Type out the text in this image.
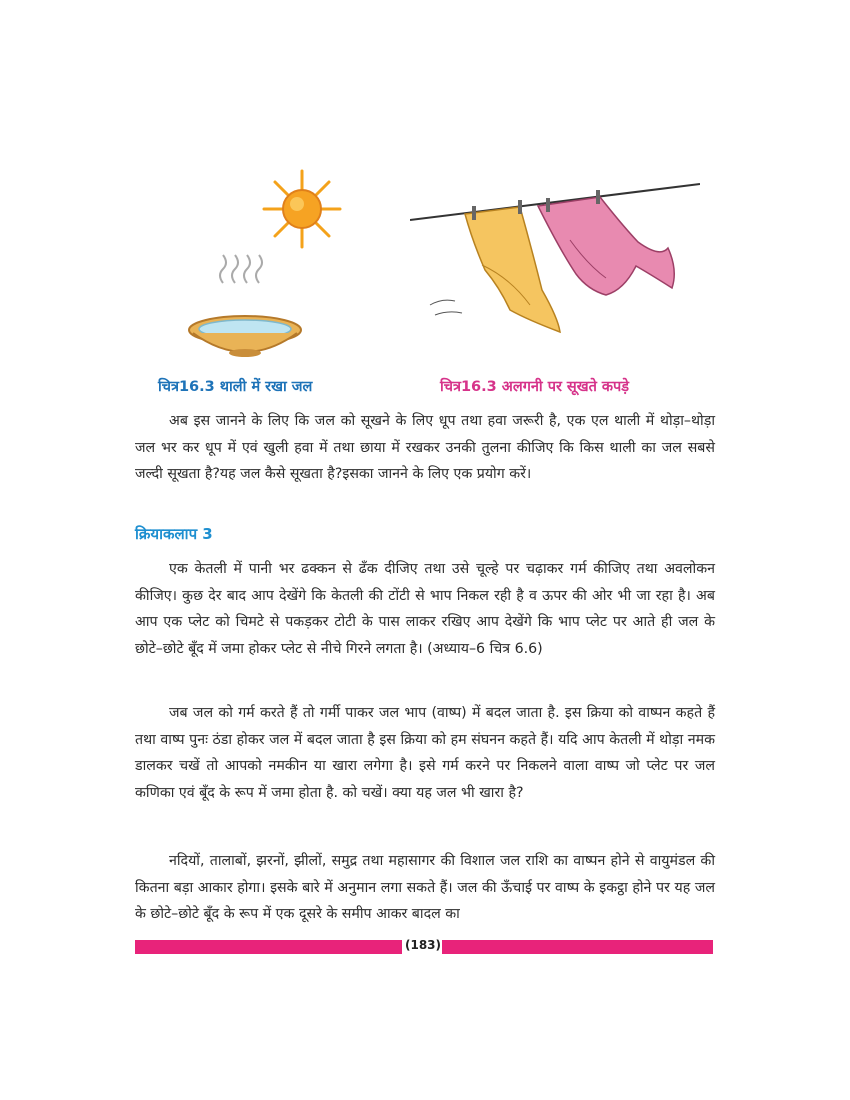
चित्र16.3 थाली में रखा जल	चित्र16.3 अलगनी पर सूखते कपड़े

अब इस जानने के लिए कि जल को सूखने के लिए धूप तथा हवा जरूरी है, एक एल थाली में थोड़ा–थोड़ा जल भर कर धूप में एवं खुली हवा में तथा छाया में रखकर उनकी तुलना कीजिए कि किस थाली का जल सबसे जल्दी सूखता है?यह जल कैसे सूखता है?इसका जानने के लिए एक प्रयोग करें।

क्रियाकलाप 3

एक केतली में पानी भर ढक्कन से ढँक दीजिए तथा उसे चूल्हे पर चढ़ाकर गर्म कीजिए तथा अवलोकन कीजिए। कुछ देर बाद आप देखेंगे कि केतली की टोंटी से भाप निकल रही है व ऊपर की ओर भी जा रहा है। अब आप एक प्लेट को चिमटे से पकड़कर टोटी के पास लाकर रखिए आप देखेंगे कि भाप प्लेट पर आते ही जल के छोटे–छोटे बूँद में जमा होकर प्लेट से नीचे गिरने लगता है। (अध्याय–6 चित्र 6.6)

जब जल को गर्म करते हैं तो गर्मी पाकर जल भाप (वाष्प) में बदल जाता है. इस क्रिया को वाष्पन कहते हैं तथा वाष्प पुनः ठंडा होकर जल में बदल जाता है इस क्रिया को हम संघनन कहते हैं। यदि आप केतली में थोड़ा नमक डालकर चखें तो आपको नमकीन या खारा लगेगा है। इसे गर्म करने पर निकलने वाला वाष्प जो प्लेट पर जल कणिका एवं बूँद के रूप में जमा होता है. को चखें। क्या यह जल भी खारा है?

नदियों, तालाबों, झरनों, झीलों, समुद्र तथा महासागर की विशाल जल राशि का वाष्पन होने से वायुमंडल की कितना बड़ा आकार होगा। इसके बारे में अनुमान लगा सकते हैं। जल की ऊँचाई पर वाष्प के इकट्ठा होने पर यह जल के छोटे–छोटे बूँद के रूप में एक दूसरे के समीप आकर बादल का

(183)
